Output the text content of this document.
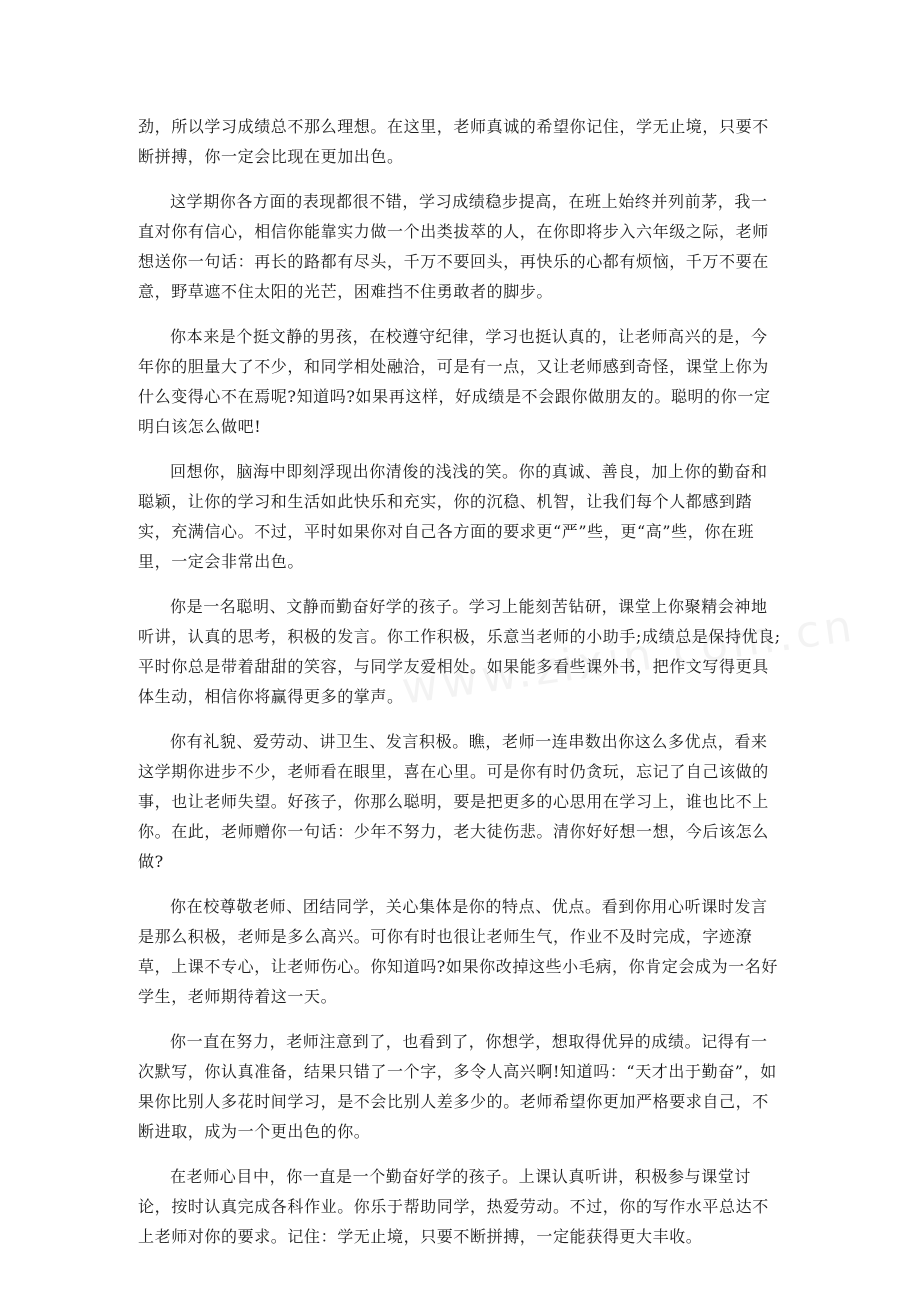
劲，所以学习成绩总不那么理想。在这里，老师真诚的希望你记住，学无止境，只要不断拼搏，你一定会比现在更加出色。

这学期你各方面的表现都很不错，学习成绩稳步提高，在班上始终并列前茅，我一直对你有信心，相信你能靠实力做一个出类拔萃的人，在你即将步入六年级之际，老师想送你一句话：再长的路都有尽头，千万不要回头，再快乐的心都有烦恼，千万不要在意，野草遮不住太阳的光芒，困难挡不住勇敢者的脚步。

你本来是个挺文静的男孩，在校遵守纪律，学习也挺认真的，让老师高兴的是，今年你的胆量大了不少，和同学相处融洽，可是有一点，又让老师感到奇怪，课堂上你为什么变得心不在焉呢?知道吗?如果再这样，好成绩是不会跟你做朋友的。聪明的你一定明白该怎么做吧!

回想你，脑海中即刻浮现出你清俊的浅浅的笑。你的真诚、善良，加上你的勤奋和聪颖，让你的学习和生活如此快乐和充实，你的沉稳、机智，让我们每个人都感到踏实，充满信心。不过，平时如果你对自己各方面的要求更“严”些，更“高”些，你在班里，一定会非常出色。

你是一名聪明、文静而勤奋好学的孩子。学习上能刻苦钻研，课堂上你聚精会神地听讲，认真的思考，积极的发言。你工作积极，乐意当老师的小助手;成绩总是保持优良;平时你总是带着甜甜的笑容，与同学友爱相处。如果能多看些课外书，把作文写得更具体生动，相信你将赢得更多的掌声。

你有礼貌、爱劳动、讲卫生、发言积极。瞧，老师一连串数出你这么多优点，看来这学期你进步不少，老师看在眼里，喜在心里。可是你有时仍贪玩，忘记了自己该做的事，也让老师失望。好孩子，你那么聪明，要是把更多的心思用在学习上，谁也比不上你。在此，老师赠你一句话：少年不努力，老大徒伤悲。清你好好想一想，今后该怎么做?

你在校尊敬老师、团结同学，关心集体是你的特点、优点。看到你用心听课时发言是那么积极，老师是多么高兴。可你有时也很让老师生气，作业不及时完成，字迹潦草，上课不专心，让老师伤心。你知道吗?如果你改掉这些小毛病，你肯定会成为一名好学生，老师期待着这一天。

你一直在努力，老师注意到了，也看到了，你想学，想取得优异的成绩。记得有一次默写，你认真准备，结果只错了一个字，多令人高兴啊!知道吗：“天才出于勤奋”，如果你比别人多花时间学习，是不会比别人差多少的。老师希望你更加严格要求自己，不断进取，成为一个更出色的你。

在老师心目中，你一直是一个勤奋好学的孩子。上课认真听讲，积极参与课堂讨论，按时认真完成各科作业。你乐于帮助同学，热爱劳动。不过，你的写作水平总达不上老师对你的要求。记住：学无止境，只要不断拼搏，一定能获得更大丰收。
